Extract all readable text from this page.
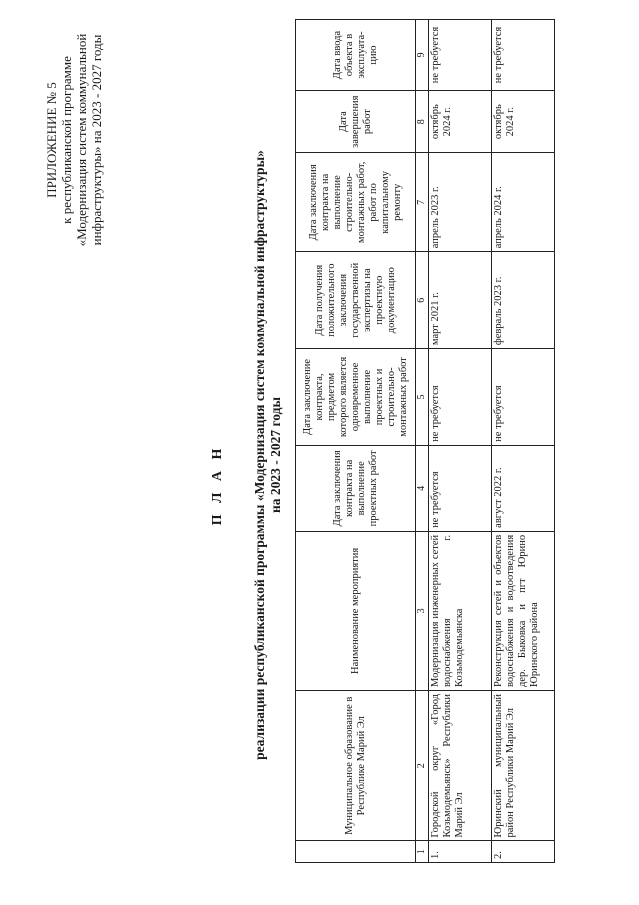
ПРИЛОЖЕНИЕ № 5 к республиканской программе «Модернизация систем коммунальной инфраструктуры» на 2023 - 2027 годы
П Л А Н реализации республиканской программы «Модернизация систем коммунальной инфраструктуры» на 2023 - 2027 годы
	Муниципальное образование в Республике Марий Эл	Наименование мероприятия	Дата заключения контракта на выполнение проектных работ	Дата заключение контракта, предметом которого является одновременное выполнение проектных и строительно-монтажных работ	Дата получения положительного заключения государственной экспертизы на проектную документацию	Дата заключения контракта на выполнение строительно-монтажных работ, работ по капитальному ремонту	Дата завершения работ	Дата ввода объекта в эксплуата-цию
1	2	3	4	5	6	7	8	9
1.	Городской округ «Город Козьмодемьянск» Республики Марий Эл	Модернизация инженерных сетей водоснабжения г. Козьмодемьянска	не требуется	не требуется	март 2021 г.	апрель 2023 г.	октябрь 2024 г.	не требуется
2.	Юринский муниципальный район Республики Марий Эл	Реконструкция сетей и объектов водоснабжения и водоотведения дер. Быковка и пгт Юрино Юринского района	август 2022 г.	не требуется	февраль 2023 г.	апрель 2024 г.	октябрь 2024 г.	не требуется
